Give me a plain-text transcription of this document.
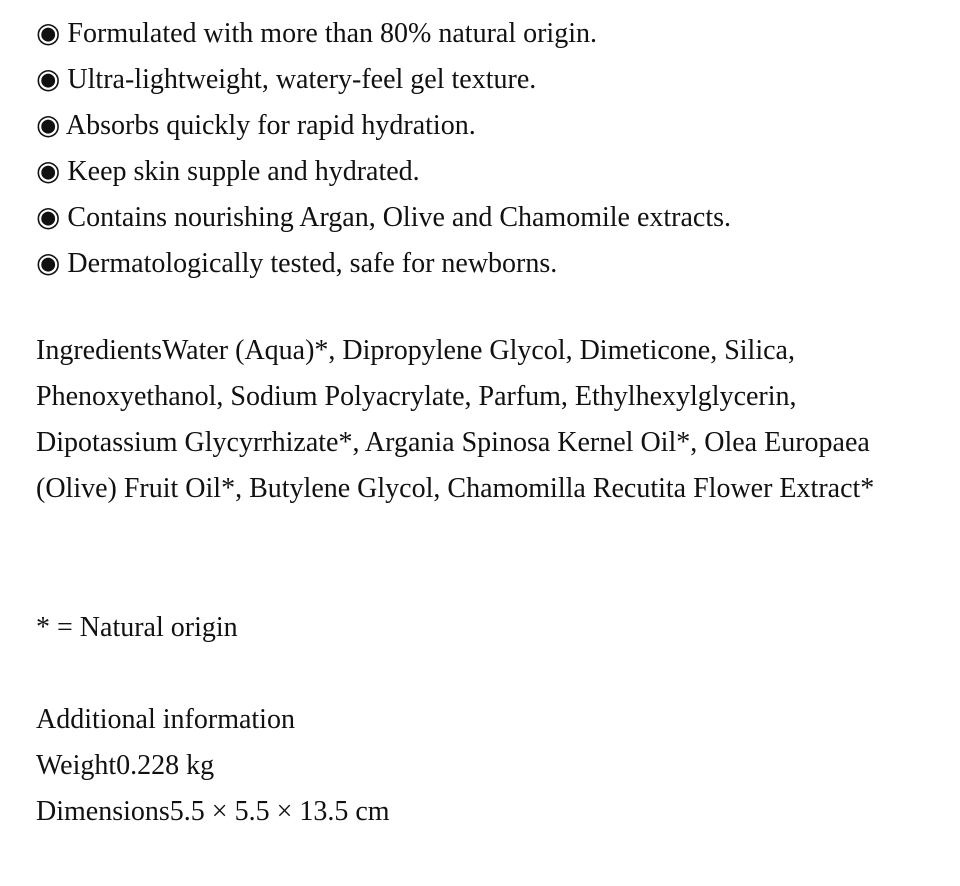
◉ Formulated with more than 80% natural origin.
◉ Ultra-lightweight, watery-feel gel texture.
◉ Absorbs quickly for rapid hydration.
◉ Keep skin supple and hydrated.
◉ Contains nourishing Argan, Olive and Chamomile extracts.
◉ Dermatologically tested, safe for newborns.

IngredientsWater (Aqua)*, Dipropylene Glycol, Dimeticone, Silica, Phenoxyethanol, Sodium Polyacrylate, Parfum, Ethylhexylglycerin, Dipotassium Glycyrrhizate*, Argania Spinosa Kernel Oil*, Olea Europaea (Olive) Fruit Oil*, Butylene Glycol, Chamomilla Recutita Flower Extract*

* = Natural origin

Additional information
Weight0.228 kg
Dimensions5.5 × 5.5 × 13.5 cm
